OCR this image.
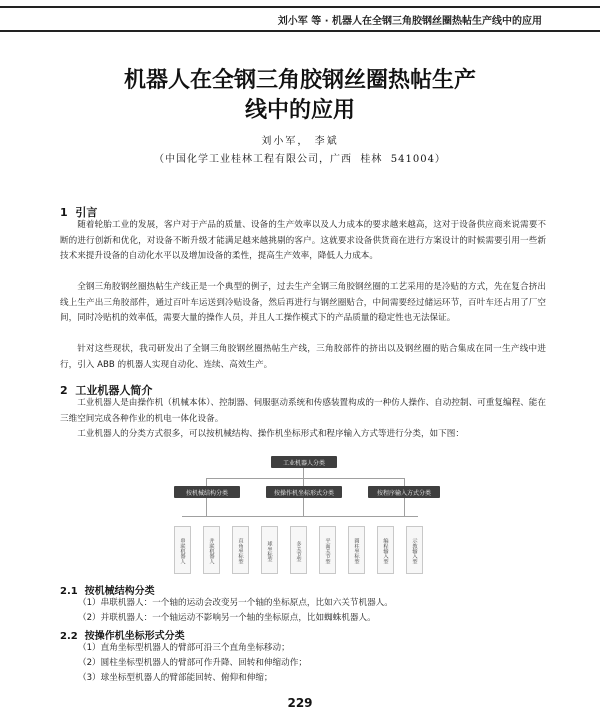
刘小军 等 · 机器人在全钢三角胶钢丝圈热帖生产线中的应用
机器人在全钢三角胶钢丝圈热帖生产
线中的应用
刘小军， 李斌
（中国化学工业桂林工程有限公司，广西  桂林  541004）
1  引言
随着轮胎工业的发展，客户对于产品的质量、设备的生产效率以及人力成本的要求越来越高，这对于设备供应商来说需要不断的进行创新和优化，对设备不断升级才能满足越来越挑剔的客户。这就要求设备供货商在进行方案设计的时候需要引用一些新技术来提升设备的自动化水平以及增加设备的柔性，提高生产效率，降低人力成本。
全钢三角胶钢丝圈热帖生产线正是一个典型的例子，过去生产全钢三角胶钢丝圈的工艺采用的是冷贴的方式，先在复合挤出线上生产出三角胶部件，通过百叶车运送到冷贴设备，然后再进行与钢丝圈贴合，中间需要经过储运环节，百叶车还占用了厂空间，同时冷贴机的效率低，需要大量的操作人员，并且人工操作模式下的产品质量的稳定性也无法保证。
针对这些现状，我司研发出了全钢三角胶钢丝圈热帖生产线，三角胶部件的挤出以及钢丝圈的贴合集成在同一生产线中进行，引入 ABB 的机器人实现自动化、连续、高效生产。
2  工业机器人简介
工业机器人是由操作机（机械本体）、控制器、伺服驱动系统和传感装置构成的一种仿人操作、自动控制、可重复编程、能在三维空间完成各种作业的机电一体化设备。
工业机器人的分类方式很多，可以按机械结构、操作机坐标形式和程序输入方式等进行分类，如下图：
工业机器人分类
按机械结构分类	按操作机坐标形式分类	按程序输入方式分类
串联机器人	并联机器人	直角坐标型	球坐标型	多关节型	平面关节型	圆柱坐标型	编程输入型	示教输入型
2.1  按机械结构分类
（1）串联机器人：一个轴的运动会改变另一个轴的坐标原点，比如六关节机器人。
（2）并联机器人：一个轴运动不影响另一个轴的坐标原点，比如蜘蛛机器人。
2.2  按操作机坐标形式分类
（1）直角坐标型机器人的臂部可沿三个直角坐标移动；
（2）圆柱坐标型机器人的臂部可作升降、回转和伸缩动作；
（3）球坐标型机器人的臂部能回转、俯仰和伸缩；
229
